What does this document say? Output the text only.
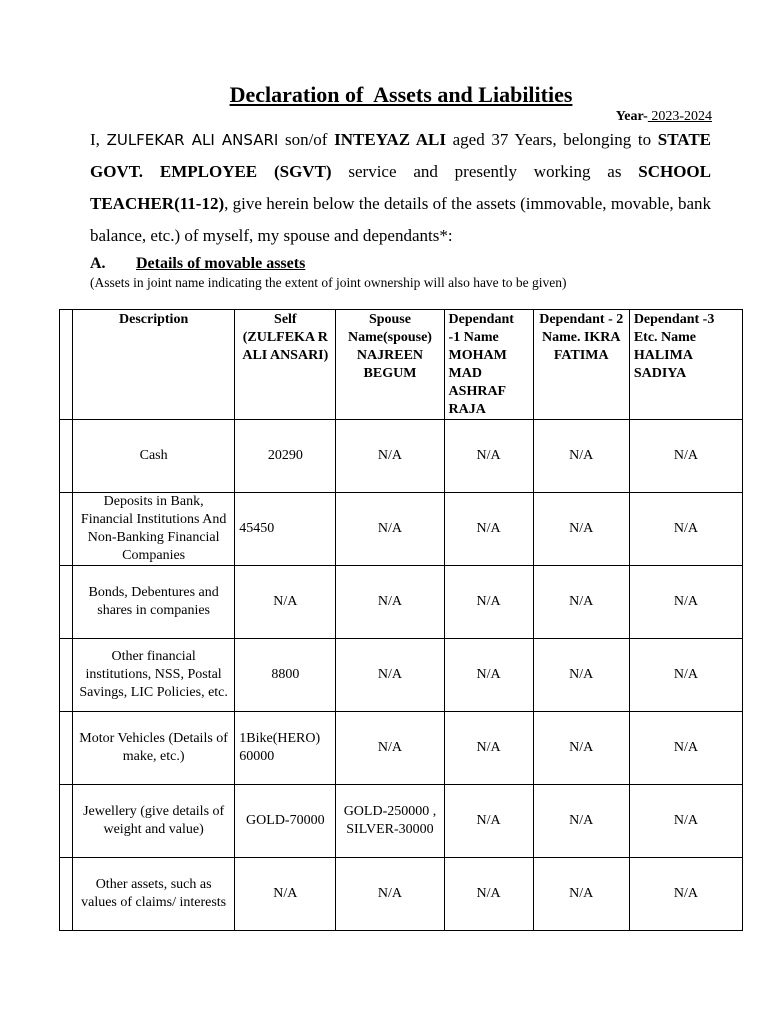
Declaration of  Assets and Liabilities
Year- 2023-2024
I, ZULFEKAR ALI ANSARI son/of INTEYAZ ALI aged 37 Years, belonging to STATE GOVT. EMPLOYEE (SGVT) service and presently working as SCHOOL TEACHER(11-12), give herein below the details of the assets (immovable, movable, bank balance, etc.) of myself, my spouse and dependants*:
A. Details of movable assets
(Assets in joint name indicating the extent of joint ownership will also have to be given)
	Description	Self (ZULFEKA R ALI ANSARI)	Spouse Name(spouse) NAJREEN BEGUM	Dependant -1 Name MOHAM MAD ASHRAF RAJA	Dependant - 2 Name. IKRA FATIMA	Dependant -3 Etc. Name HALIMA SADIYA
	Cash	20290	N/A	N/A	N/A	N/A
	Deposits in Bank, Financial Institutions And Non-Banking Financial Companies	45450	N/A	N/A	N/A	N/A
	Bonds, Debentures and shares in companies	N/A	N/A	N/A	N/A	N/A
	Other financial institutions, NSS, Postal Savings, LIC Policies, etc.	8800	N/A	N/A	N/A	N/A
	Motor Vehicles (Details of make, etc.)	1Bike(HERO) 60000	N/A	N/A	N/A	N/A
	Jewellery (give details of weight and value)	GOLD-70000	GOLD-250000 , SILVER-30000	N/A	N/A	N/A
	Other assets, such as values of claims/ interests	N/A	N/A	N/A	N/A	N/A
